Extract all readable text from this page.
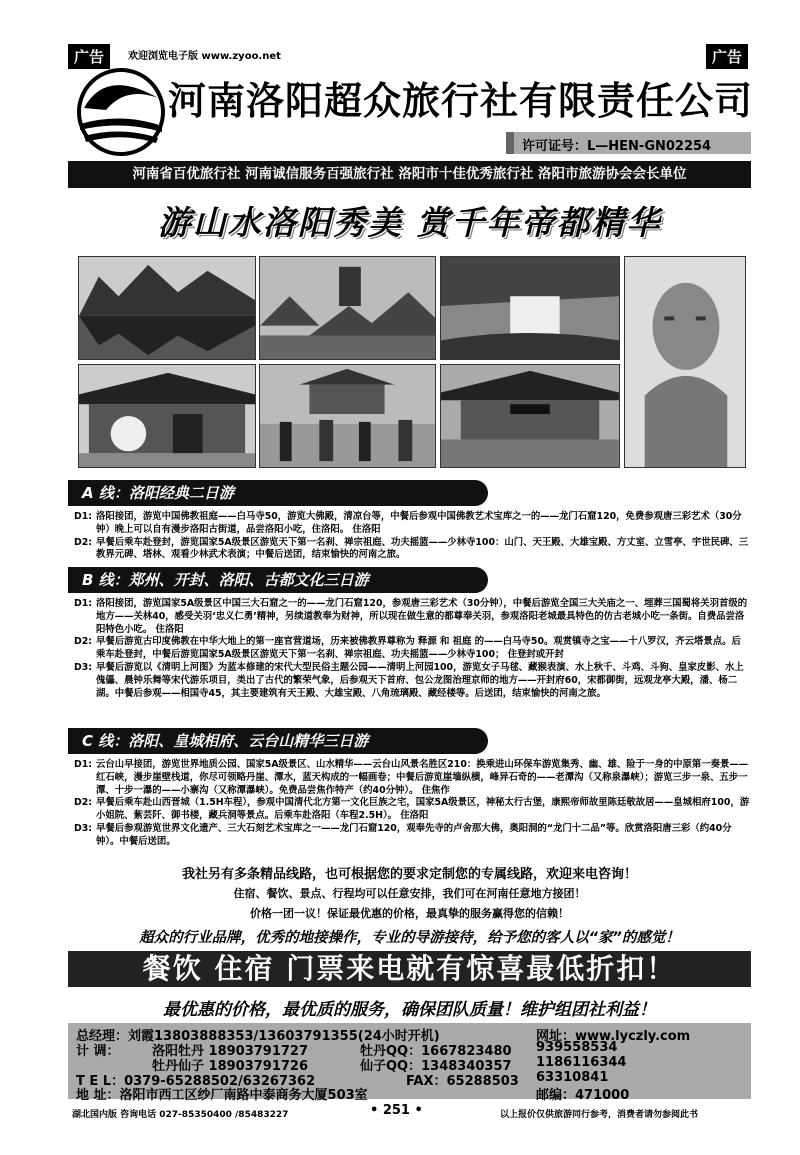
广告	欢迎浏览电子版 www.zyoo.net	广告
河南洛阳超众旅行社有限责任公司
许可证号：L—HEN-GN02254
河南省百优旅行社 河南诚信服务百强旅行社 洛阳市十佳优秀旅行社 洛阳市旅游协会会长单位
游山水洛阳秀美 赏千年帝都精华
A 线：洛阳经典二日游
D1: 洛阳接团，游览中国佛教祖庭——白马寺50，游览大佛殿，清凉台等，中餐后参观中国佛教艺术宝库之一的——龙门石窟120，免费参观唐三彩艺术（30分钟）晚上可以自有漫步洛阳古街道，品尝洛阳小吃，住洛阳。 住洛阳
D2: 早餐后乘车赴登封，游览国家5A级景区游览天下第一名刹、禅宗祖庭、功夫摇篮——少林寺100：山门、天王殿、大雄宝殿、方丈室、立雪亭、宇世民碑、三教界元碑、塔林、观看少林武术表演；中餐后送团，结束愉快的河南之旅。
B 线：郑州、开封、洛阳、古都文化三日游
D1: 洛阳接团，游览国家5A级景区中国三大石窟之一的——龙门石窟120，参观唐三彩艺术（30分钟），中餐后游览全国三大关庙之一、埋葬三国蜀将关羽首级的地方——关林40，感受关羽‘忠义仁勇’精神，另续道教奉为财神，所以现在做生意的都尊奉关羽，参观洛阳老城最具特色的仿古老城小吃一条街。自费品尝洛阳特色小吃。 住洛阳
D2: 早餐后游览古印度佛教在中华大地上的第一座官营道场，历来被佛教界尊称为 释源 和 祖庭 的——白马寺50。观赏镇寺之宝——十八罗汉，齐云塔景点。后乘车赴登封，中餐后游览国家5A级景区游览天下第一名刹、禅宗祖庭、功夫摇篮——少林寺100； 住登封或开封
D3: 早餐后游览以《清明上河图》为蓝本修建的宋代大型民俗主题公园——清明上河园100，游览女子马毬、藏猴表演、水上秋千、斗鸡、斗狗、皇家皮影、水上傀儡、晨钟乐舞等宋代游乐项目，类出了古代的繁荣气象，后参观天下首府、包公龙图治理京师的地方——开封府60，宋都御街，远观龙亭大殿，潘、杨二湖。中餐后参观——相国寺45，其主要建筑有天王殿、大雄宝殿、八角琉璃殿、藏经楼等。后送团，结束愉快的河南之旅。
C 线：洛阳、皇城相府、云台山精华三日游
D1: 云台山早接团，游览世界地质公园、国家5A级景区、山水精华——云台山风景名胜区210：换乘进山环保车游览集秀、幽、雄、险于一身的中原第一奏景——红石峡，漫步崖壁栈道，你尽可领略丹崖、潭水，蓝天构成的一幅画卷；中餐后游览崖墙纵横，峰异石奇的——老潭沟（又称泉瀑峡）；游览三步一泉、五步一潭、十步一瀑的——小寨沟（又称潭瀑峡）。免费品尝焦作特产（约40分钟）。 住焦作
D2: 早餐后乘车赴山西晋城（1.5H车程），参观中国清代北方第一文化巨族之宅，国家5A级景区，神秘太行古堡，康熙帝师故里陈廷敬故居——皇城相府100，游小姐院、紫芸阡、御书楼，藏兵洞等景点。后乘车赴洛阳（车程2.5H）。 住洛阳
D3: 早餐后参观游览世界文化遗产、三大石刻艺术宝库之一——龙门石窟120，观奉先寺的卢舍那大佛，奥阳洞的“龙门十二品”等。欣赏洛阳唐三彩（约40分钟）。中餐后送团。
我社另有多条精品线路，也可根据您的要求定制您的专属线路，欢迎来电咨询！
住宿、餐饮、景点、行程均可以任意安排，我们可在河南任意地方接团！
价格一团一议！保证最优惠的价格，最真挚的服务赢得您的信赖！
超众的行业品牌，优秀的地接操作，专业的导游接待，给予您的客人以“家”的感觉！
餐饮 住宿 门票来电就有惊喜最低折扣！
最优惠的价格，最优质的服务，确保团队质量！维护组团社利益！
总经理：刘霞13803888353/13603791355(24小时开机)	网址：www.lyczly.com
计 调： 洛阳牡丹 18903791727	牡丹QQ：1667823480 939558534
牡丹仙子 18903791726	仙子QQ：1348340357 1186116344
T E L：0379-65288502/63267362	FAX：65288503 63310841
地 址：洛阳市西工区纱厂南路中泰商务大厦503室	邮编：471000
湖北国内版 咨询电话 027-85350400 /85483227	• 251 •	以上报价仅供旅游同行参考，消费者请勿参阅此书
